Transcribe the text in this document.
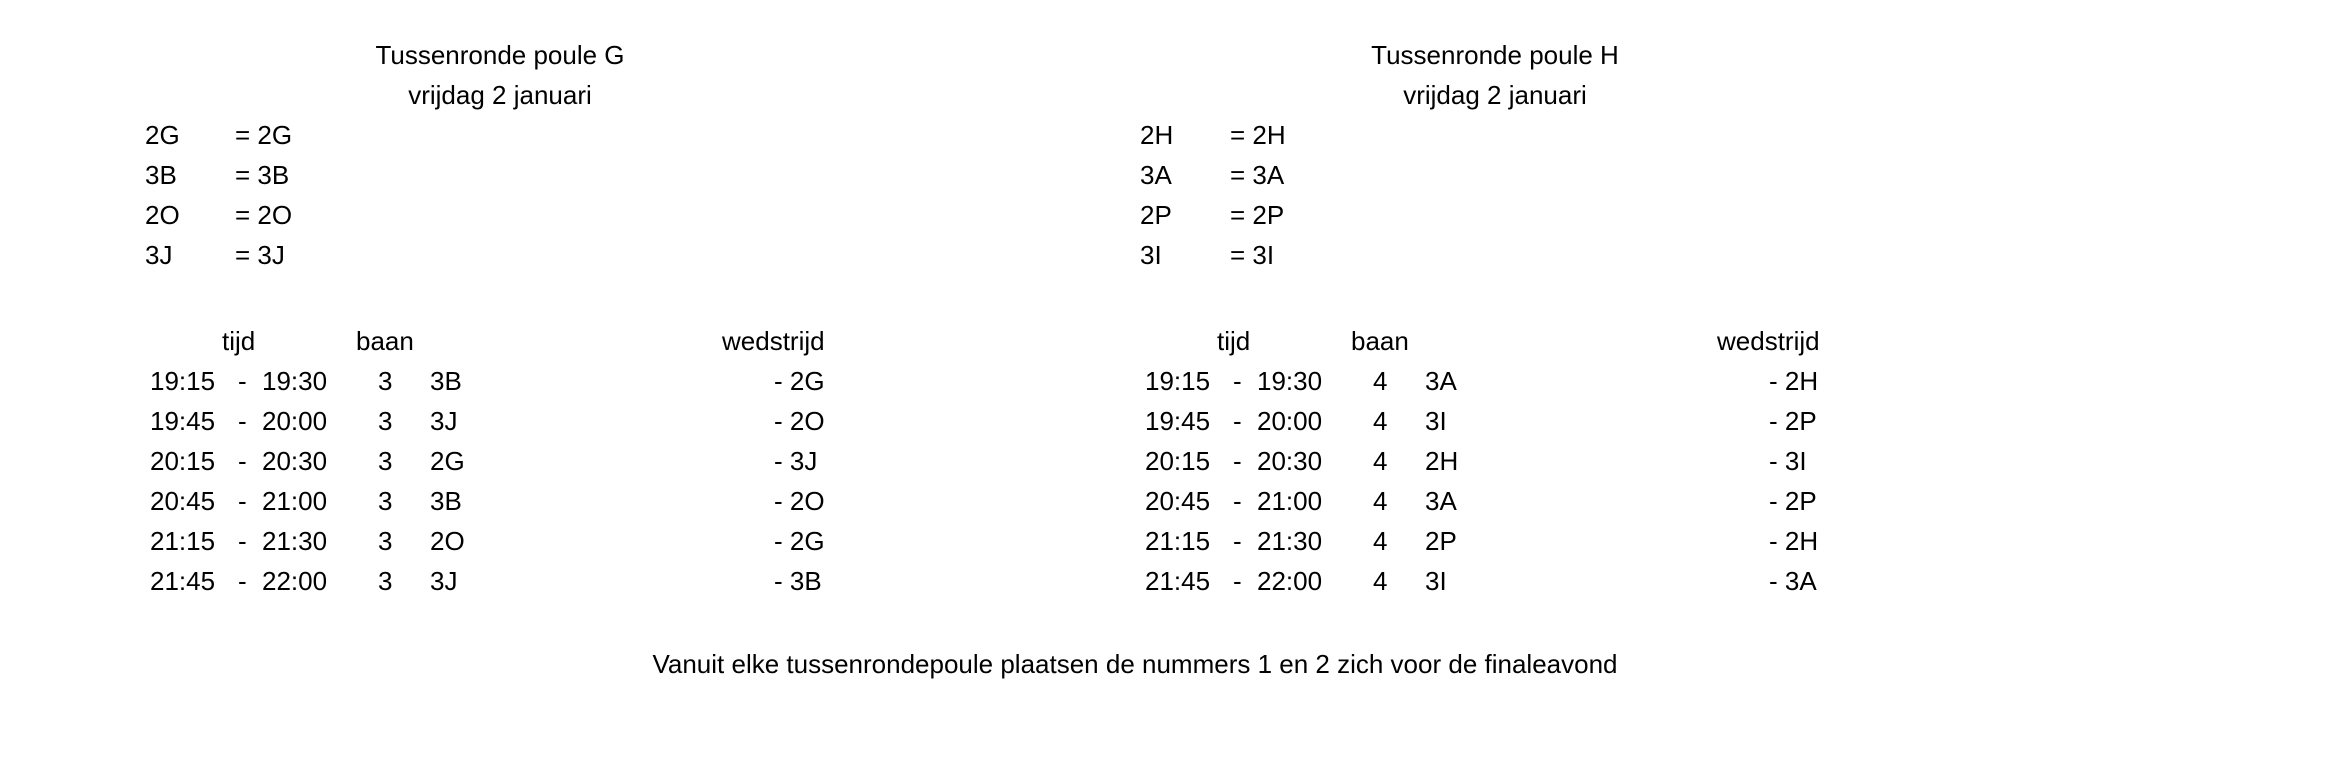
Tussenronde poule G
vrijdag 2 januari
2G = 2G
3B = 3B
2O = 2O
3J = 3J
tijd	baan	wedstrijd
19:15 - 19:30 3 3B	- 2G
19:45 - 20:00 3 3J	- 2O
20:15 - 20:30 3 2G	- 3J
20:45 - 21:00 3 3B	- 2O
21:15 - 21:30 3 2O	- 2G
21:45 - 22:00 3 3J	- 3B
Tussenronde poule H
vrijdag 2 januari
2H = 2H
3A = 3A
2P = 2P
3I	= 3I
tijd	baan	wedstrijd
19:15 - 19:30 4 3A	- 2H
19:45 - 20:00 4 3I	- 2P
20:15 - 20:30 4 2H	- 3I
20:45 - 21:00 4 3A	- 2P
21:15 - 21:30 4 2P	- 2H
21:45 - 22:00 4 3I	- 3A
Vanuit elke tussenrondepoule plaatsen de nummers 1 en 2 zich voor de finaleavond
